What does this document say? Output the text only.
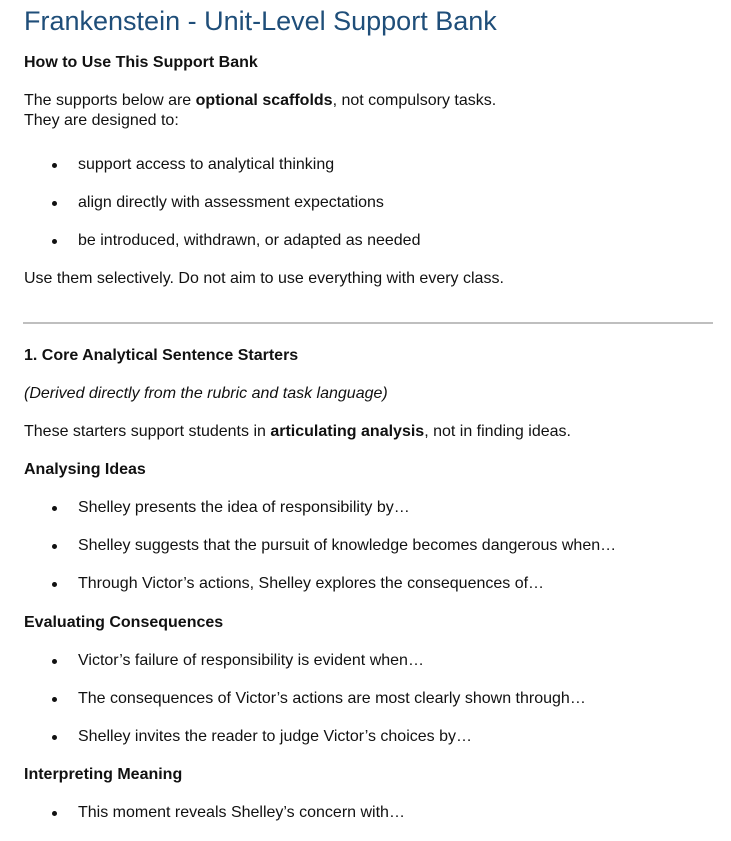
Frankenstein - Unit-Level Support Bank

How to Use This Support Bank

The supports below are optional scaffolds, not compulsory tasks.

They are designed to:

support access to analytical thinking
align directly with assessment expectations
be introduced, withdrawn, or adapted as needed

Use them selectively. Do not aim to use everything with every class.

1. Core Analytical Sentence Starters

(Derived directly from the rubric and task language)

These starters support students in articulating analysis, not in finding ideas.

Analysing Ideas

Shelley presents the idea of responsibility by…
Shelley suggests that the pursuit of knowledge becomes dangerous when…
Through Victor’s actions, Shelley explores the consequences of…

Evaluating Consequences

Victor’s failure of responsibility is evident when…
The consequences of Victor’s actions are most clearly shown through…
Shelley invites the reader to judge Victor’s choices by…

Interpreting Meaning

This moment reveals Shelley’s concern with…
